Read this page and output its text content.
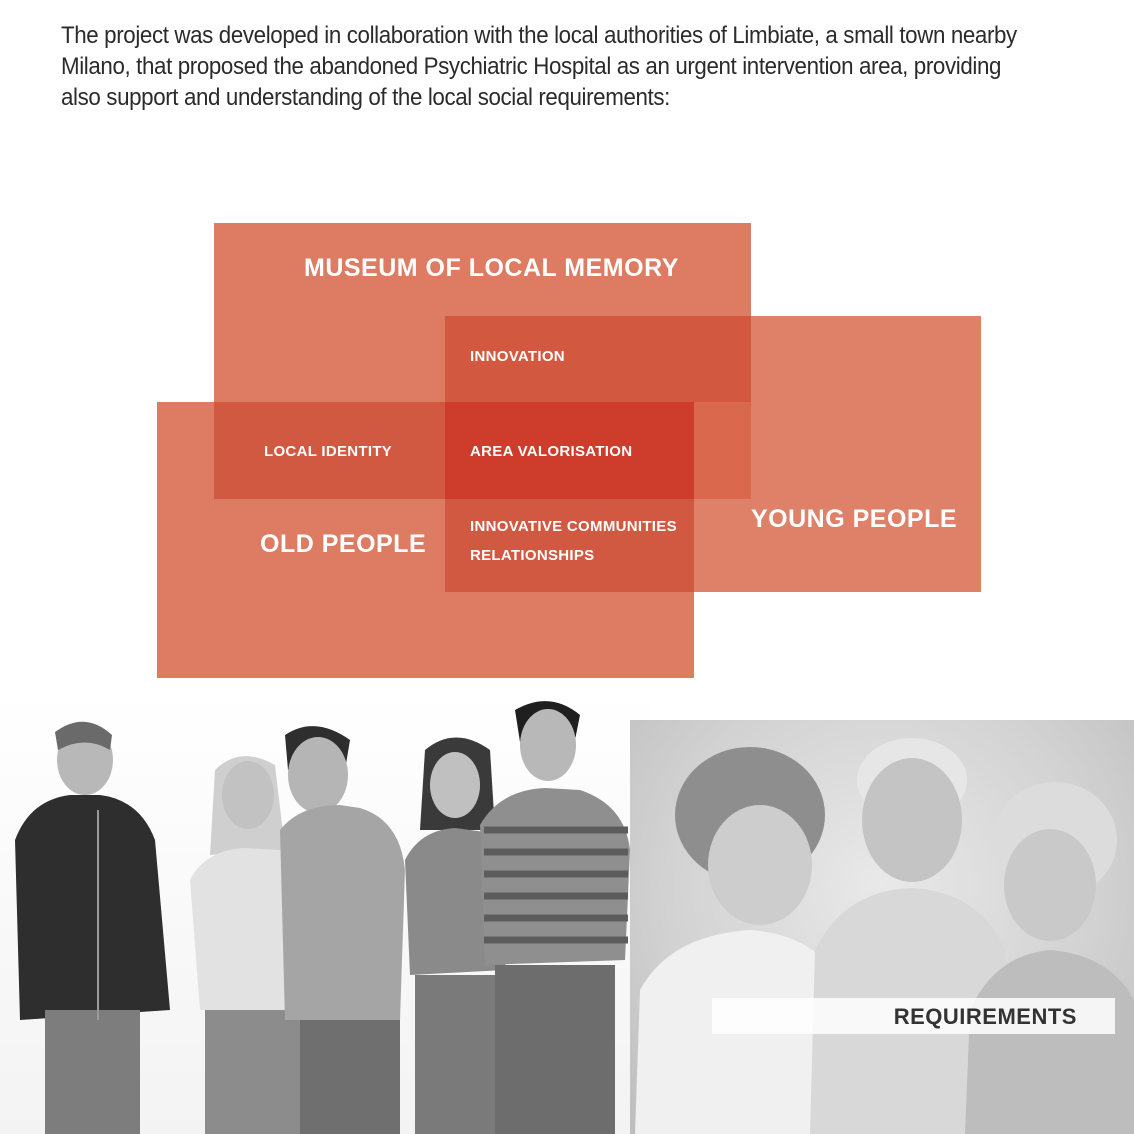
The project was developed in collaboration with the local authorities of Limbiate, a small town nearby Milano, that proposed the abandoned Psychiatric Hospital as an urgent intervention area, providing also support and understanding of the local social requirements:

MUSEUM OF LOCAL MEMORY
YOUNG PEOPLE
OLD PEOPLE
INNOVATION
LOCAL IDENTITY	AREA VALORISATION
INNOVATIVE COMMUNITIES
RELATIONSHIPS
REQUIREMENTS
